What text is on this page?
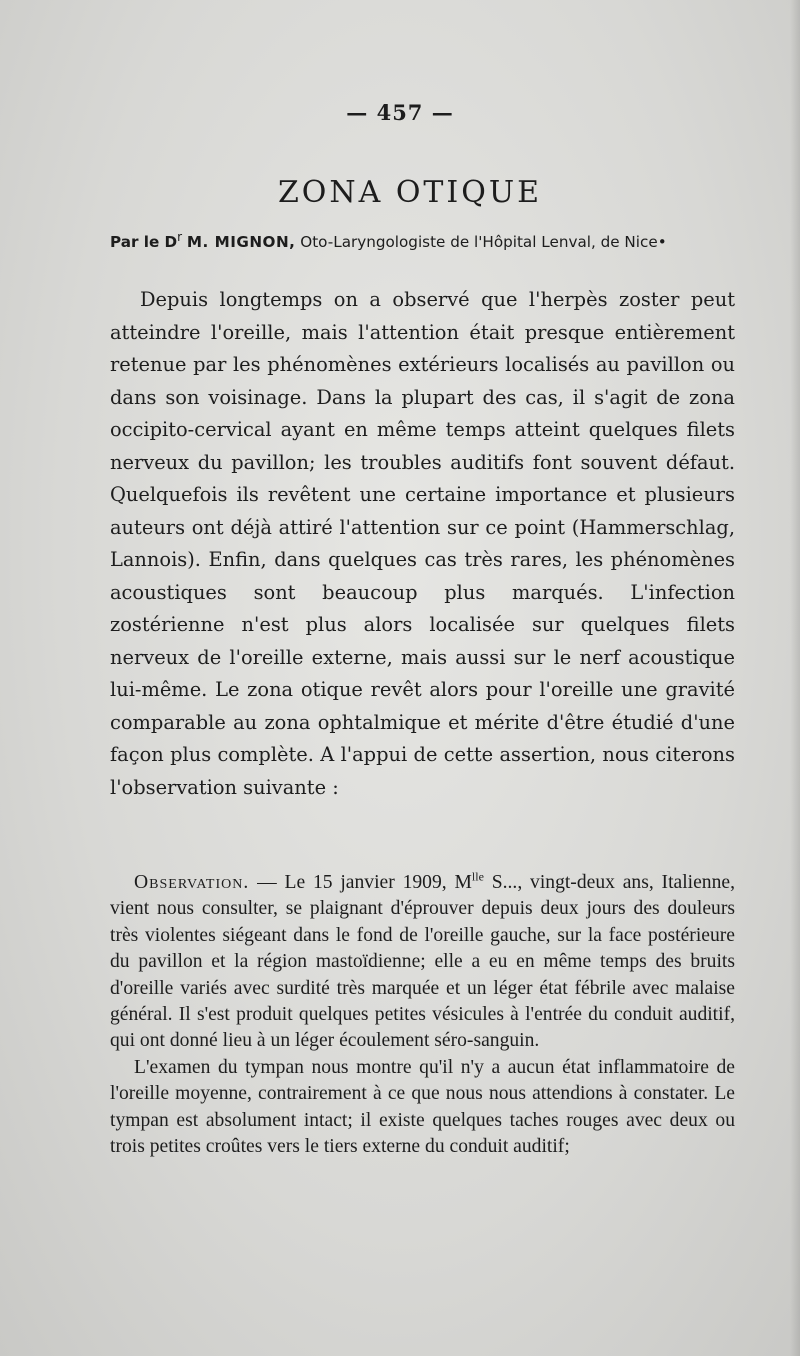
— 457 —
ZONA OTIQUE
Par le $D^r$ M. MIGNON, Oto-Laryngologiste de l'Hôpital Lenval, de Nice•

Depuis longtemps on a observé que l'herpès zoster peut atteindre l'oreille, mais l'attention était presque entièrement retenue par les phénomènes extérieurs localisés au pavillon ou dans son voisinage. Dans la plupart des cas, il s'agit de zona occipito-cervical ayant en même temps atteint quelques filets nerveux du pavillon; les troubles auditifs font souvent défaut. Quelquefois ils revêtent une certaine importance et plusieurs auteurs ont déjà attiré l'attention sur ce point (Hammerschlag, Lannois). Enfin, dans quelques cas très rares, les phénomènes acoustiques sont beaucoup plus marqués. L'infection zostérienne n'est plus alors localisée sur quelques filets nerveux de l'oreille externe, mais aussi sur le nerf acoustique lui-même. Le zona otique revêt alors pour l'oreille une gravité comparable au zona ophtalmique et mérite d'être étudié d'une façon plus complète. A l'appui de cette assertion, nous citerons l'observation suivante :

Observation. — Le 15 janvier 1909, $M^{lle}$ S..., vingt-deux ans, Italienne, vient nous consulter, se plaignant d'éprouver depuis deux jours des douleurs très violentes siégeant dans le fond de l'oreille gauche, sur la face postérieure du pavillon et la région mastoïdienne; elle a eu en même temps des bruits d'oreille variés avec surdité très marquée et un léger état fébrile avec malaise général. Il s'est produit quelques petites vésicules à l'entrée du conduit auditif, qui ont donné lieu à un léger écoulement séro-sanguin.

L'examen du tympan nous montre qu'il n'y a aucun état inflammatoire de l'oreille moyenne, contrairement à ce que nous nous attendions à constater. Le tympan est absolument intact; il existe quelques taches rouges avec deux ou trois petites croûtes vers le tiers externe du conduit auditif;
